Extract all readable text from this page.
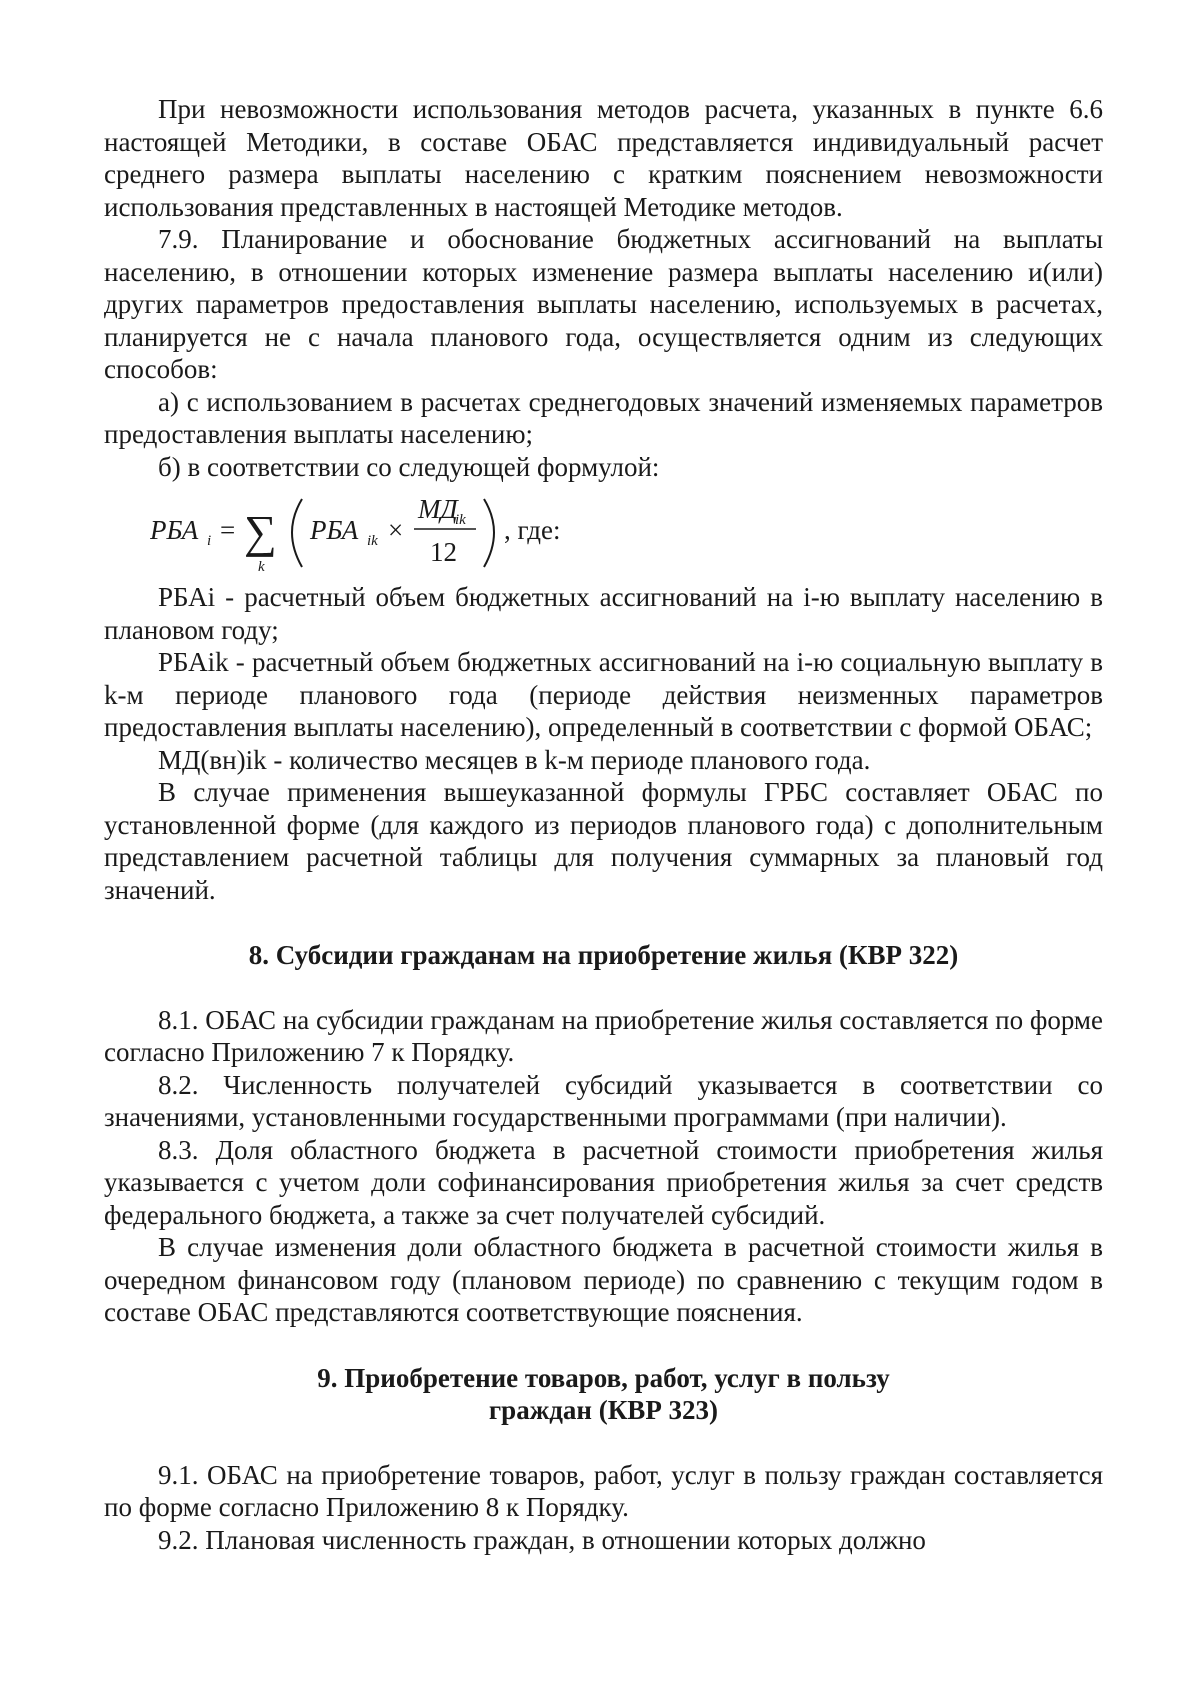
При невозможности использования методов расчета, указанных в пункте 6.6 настоящей Методики, в составе ОБАС представляется индивидуальный расчет среднего размера выплаты населению с кратким пояснением невозможности использования представленных в настоящей Методике методов.

7.9. Планирование и обоснование бюджетных ассигнований на выплаты населению, в отношении которых изменение размера выплаты населению и(или) других параметров предоставления выплаты населению, используемых в расчетах, планируется не с начала планового года, осуществляется одним из следующих способов:

а) с использованием в расчетах среднегодовых значений изменяемых параметров предоставления выплаты населению;

б) в соответствии со следующей формулой:

РБА i = ∑
k
РБА ik ×
МД
ik
12
, где:

РБАi - расчетный объем бюджетных ассигнований на i-ю выплату населению в плановом году;

РБАik - расчетный объем бюджетных ассигнований на i-ю социальную выплату в k-м периоде планового года (периоде действия неизменных параметров предоставления выплаты населению), определенный в соответствии с формой ОБАС;

МД(вн)ik - количество месяцев в k-м периоде планового года.

В случае применения вышеуказанной формулы ГРБС составляет ОБАС по установленной форме (для каждого из периодов планового года) с дополнительным представлением расчетной таблицы для получения суммарных за плановый год значений.

8. Субсидии гражданам на приобретение жилья (КВР 322)

8.1. ОБАС на субсидии гражданам на приобретение жилья составляется по форме согласно Приложению 7 к Порядку.

8.2. Численность получателей субсидий указывается в соответствии со значениями, установленными государственными программами (при наличии).

8.3. Доля областного бюджета в расчетной стоимости приобретения жилья указывается с учетом доли софинансирования приобретения жилья за счет средств федерального бюджета, а также за счет получателей субсидий.

В случае изменения доли областного бюджета в расчетной стоимости жилья в очередном финансовом году (плановом периоде) по сравнению с текущим годом в составе ОБАС представляются соответствующие пояснения.

9. Приобретение товаров, работ, услуг в пользу

граждан (КВР 323)

9.1. ОБАС на приобретение товаров, работ, услуг в пользу граждан составляется по форме согласно Приложению 8 к Порядку.

9.2. Плановая численность граждан, в отношении которых должно
